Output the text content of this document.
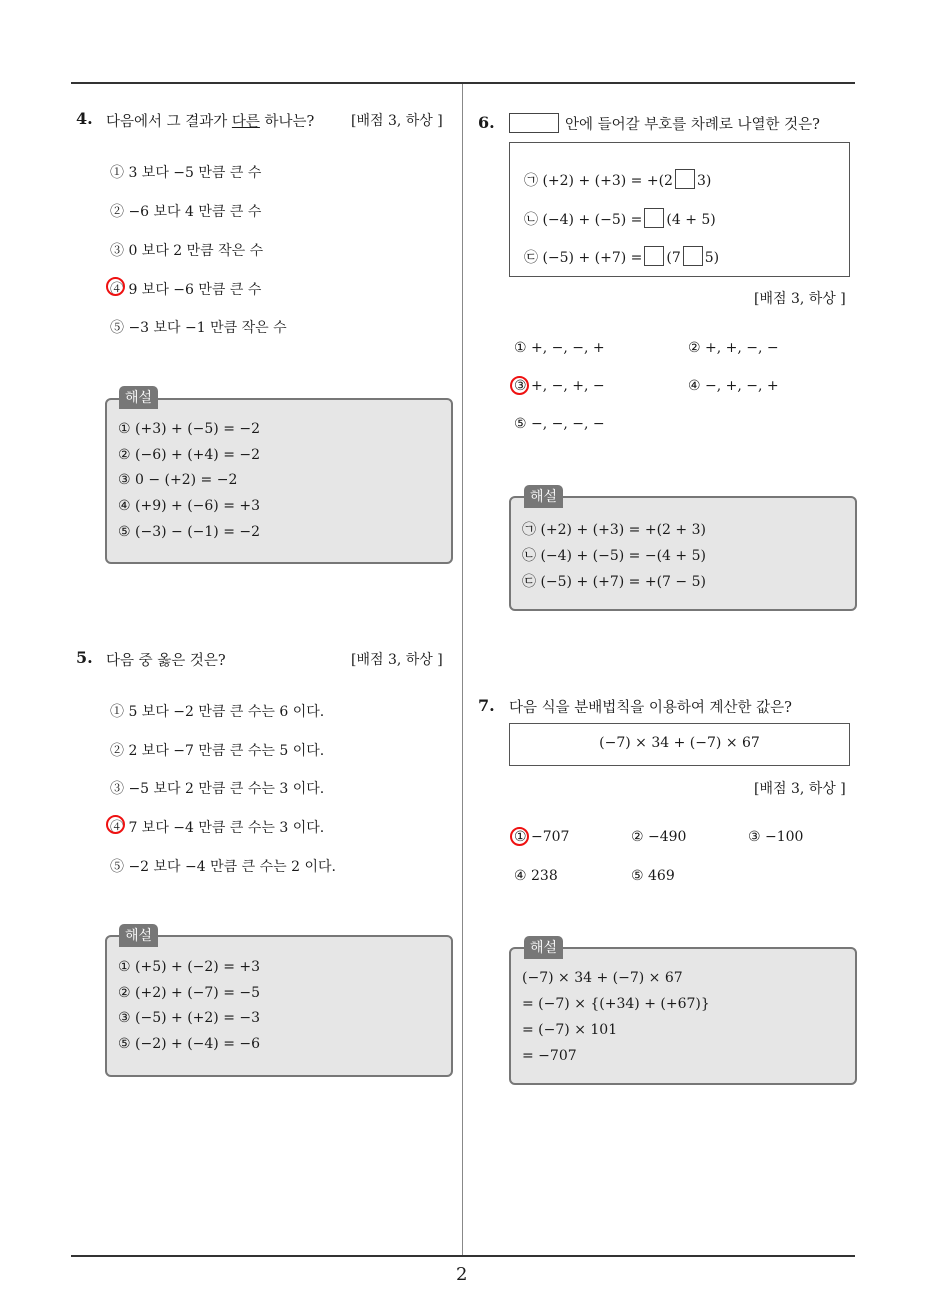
2
4. 다음에서 그 결과가 다른 하나는?	[배점 3, 하상 ]
① 3 보다 −5 만큼 큰 수
② −6 보다 4 만큼 큰 수
③ 0 보다 2 만큼 작은 수
④ 9 보다 −6 만큼 큰 수
⑤ −3 보다 −1 만큼 작은 수
해설
① (+3) + (−5) = −2
② (−6) + (+4) = −2
③ 0 − (+2) = −2
④ (+9) + (−6) = +3
⑤ (−3) − (−1) = −2
5. 다음 중 옳은 것은?	[배점 3, 하상 ]
① 5 보다 −2 만큼 큰 수는 6 이다.
② 2 보다 −7 만큼 큰 수는 5 이다.
③ −5 보다 2 만큼 큰 수는 3 이다.
④ 7 보다 −4 만큼 큰 수는 3 이다.
⑤ −2 보다 −4 만큼 큰 수는 2 이다.
해설
① (+5) + (−2) = +3
② (+2) + (−7) = −5
③ (−5) + (+2) = −3
⑤ (−2) + (−4) = −6
6.	안에 들어갈 부호를 차례로 나열한 것은?
㉠ (+2) + (+3) = +(2 3)
㉡ (−4) + (−5) = (4 + 5)
㉢ (−5) + (+7) = (7 5)
[배점 3, 하상 ]
① +, −, −, +	② +, +, −, −
③ +, −, +, −	④ −, +, −, +
⑤ −, −, −, −
해설
㉠ (+2) + (+3) = +(2 + 3)
㉡ (−4) + (−5) = −(4 + 5)
㉢ (−5) + (+7) = +(7 − 5)
7. 다음 식을 분배법칙을 이용하여 계산한 값은?
(−7) × 34 + (−7) × 67
[배점 3, 하상 ]
① −707	② −490	③ −100
④ 238	⑤ 469
해설
(−7) × 34 + (−7) × 67
= (−7) × {(+34) + (+67)}
= (−7) × 101
= −707
